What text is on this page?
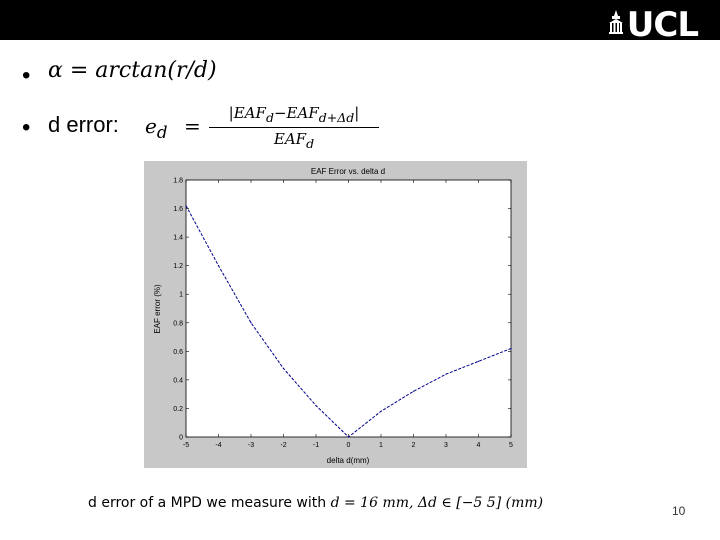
UCL
• α = arctan(r/d)
• d error: $e_d$ =
$|EAF_d-EAF_{d+\Delta d}|$
$EAF_d$
-5	-4	-3	-2	-1	0	1	2	3	4	5
0
0.2
0.4
0.6
0.8
1
1.2
1.4
1.6
1.8
EAF Error vs. delta d
delta d(mm)
EAF error (%)
d error of a MPD we measure with d = 16 mm, Δd ∈ [−5 5] (mm)	10
